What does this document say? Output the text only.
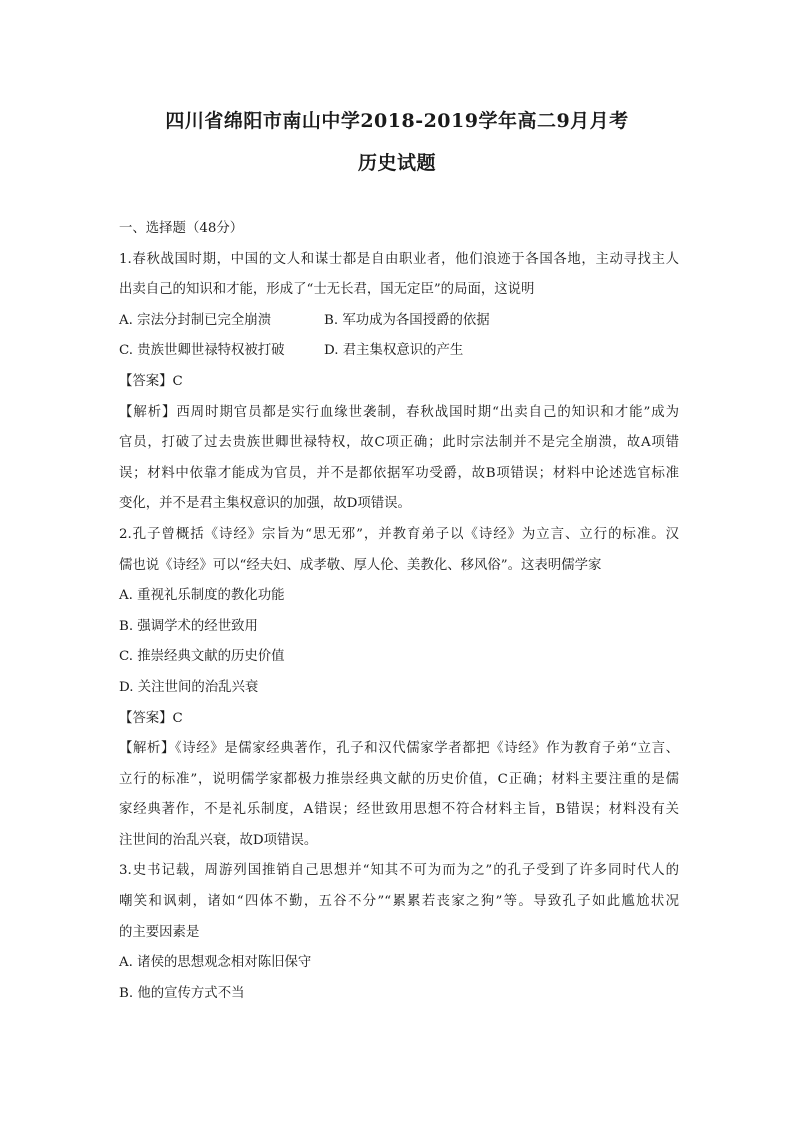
四川省绵阳市南山中学2018-2019学年高二9月月考
历史试题
一、选择题（48分）
1.春秋战国时期，中国的文人和谋士都是自由职业者，他们浪迹于各国各地，主动寻找主人
出卖自己的知识和才能，形成了“士无长君，国无定臣”的局面，这说明
A. 宗法分封制已完全崩溃	B. 军功成为各国授爵的依据
C. 贵族世卿世禄特权被打破	D. 君主集权意识的产生
【答案】C
【解析】西周时期官员都是实行血缘世袭制，春秋战国时期“出卖自己的知识和才能”成为
官员，打破了过去贵族世卿世禄特权，故C项正确；此时宗法制并不是完全崩溃，故A项错
误；材料中依靠才能成为官员，并不是都依据军功受爵，故B项错误；材料中论述选官标准
变化，并不是君主集权意识的加强，故D项错误。
2.孔子曾概括《诗经》宗旨为“思无邪”，并教育弟子以《诗经》为立言、立行的标准。汉
儒也说《诗经》可以“经夫妇、成孝敬、厚人伦、美教化、移风俗”。这表明儒学家
A. 重视礼乐制度的教化功能
B. 强调学术的经世致用
C. 推崇经典文献的历史价值
D. 关注世间的治乱兴衰
【答案】C
【解析】《诗经》是儒家经典著作，孔子和汉代儒家学者都把《诗经》作为教育子弟“立言、
立行的标准”，说明儒学家都极力推崇经典文献的历史价值，C正确；材料主要注重的是儒
家经典著作，不是礼乐制度，A错误；经世致用思想不符合材料主旨，B错误；材料没有关
注世间的治乱兴衰，故D项错误。
3.史书记载，周游列国推销自己思想并“知其不可为而为之”的孔子受到了许多同时代人的
嘲笑和讽刺，诸如“四体不勤，五谷不分”“累累若丧家之狗”等。导致孔子如此尴尬状况
的主要因素是
A. 诸侯的思想观念相对陈旧保守
B. 他的宣传方式不当
